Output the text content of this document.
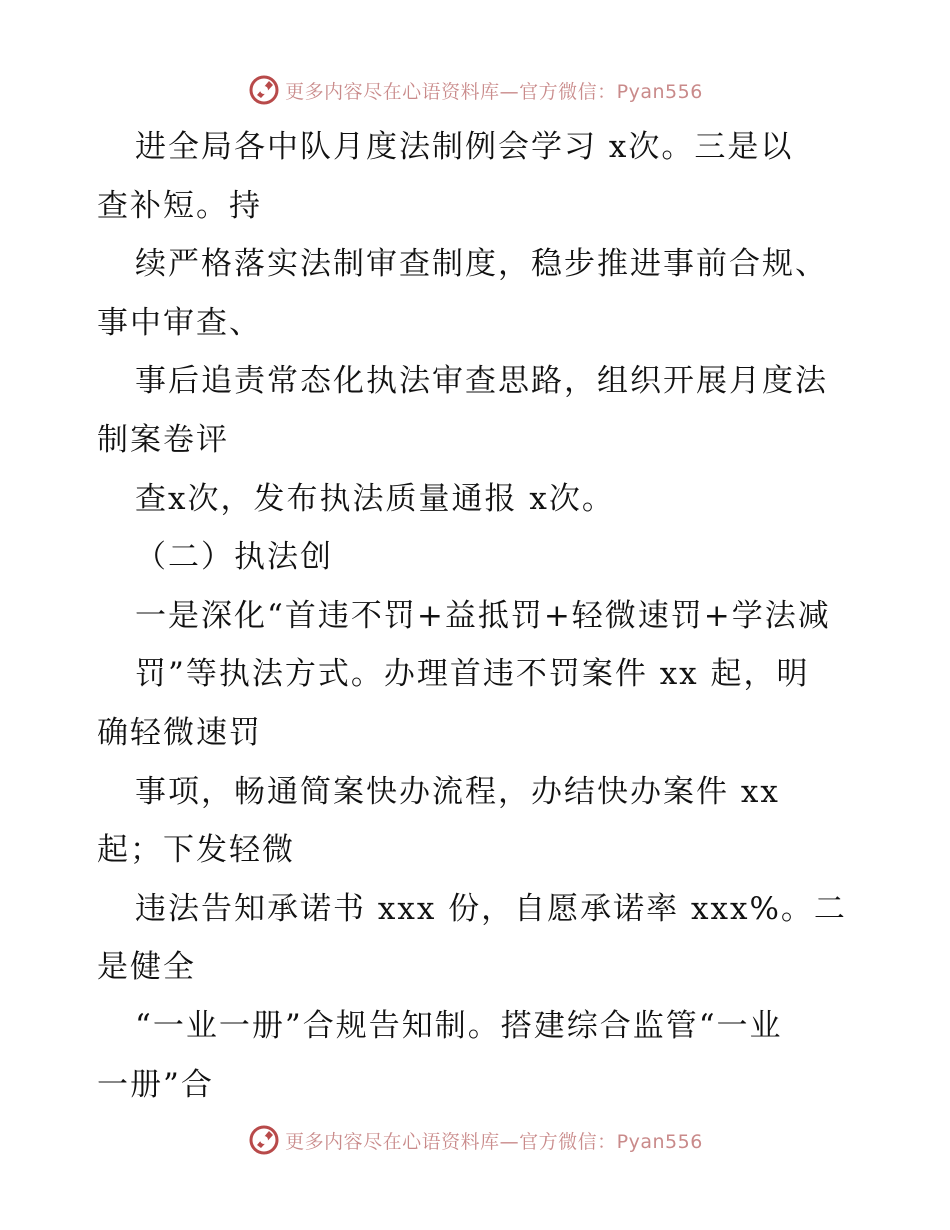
更多内容尽在心语资料库—官方微信：Pyan556
进全局各中队月度法制例会学习 x次。三是以
查补短。持
续严格落实法制审查制度，稳步推进事前合规、
事中审查、
事后追责常态化执法审查思路，组织开展月度法
制案卷评
查x次，发布执法质量通报 x次。
（二）执法创
一是深化“首违不罚+益抵罚+轻微速罚+学法减
罚”等执法方式。办理首违不罚案件 xx 起，明
确轻微速罚
事项，畅通简案快办流程，办结快办案件 xx
起；下发轻微
违法告知承诺书 xxx 份，自愿承诺率 xxx%。二
是健全
“一业一册”合规告知制。搭建综合监管“一业
一册”合
更多内容尽在心语资料库—官方微信：Pyan556
